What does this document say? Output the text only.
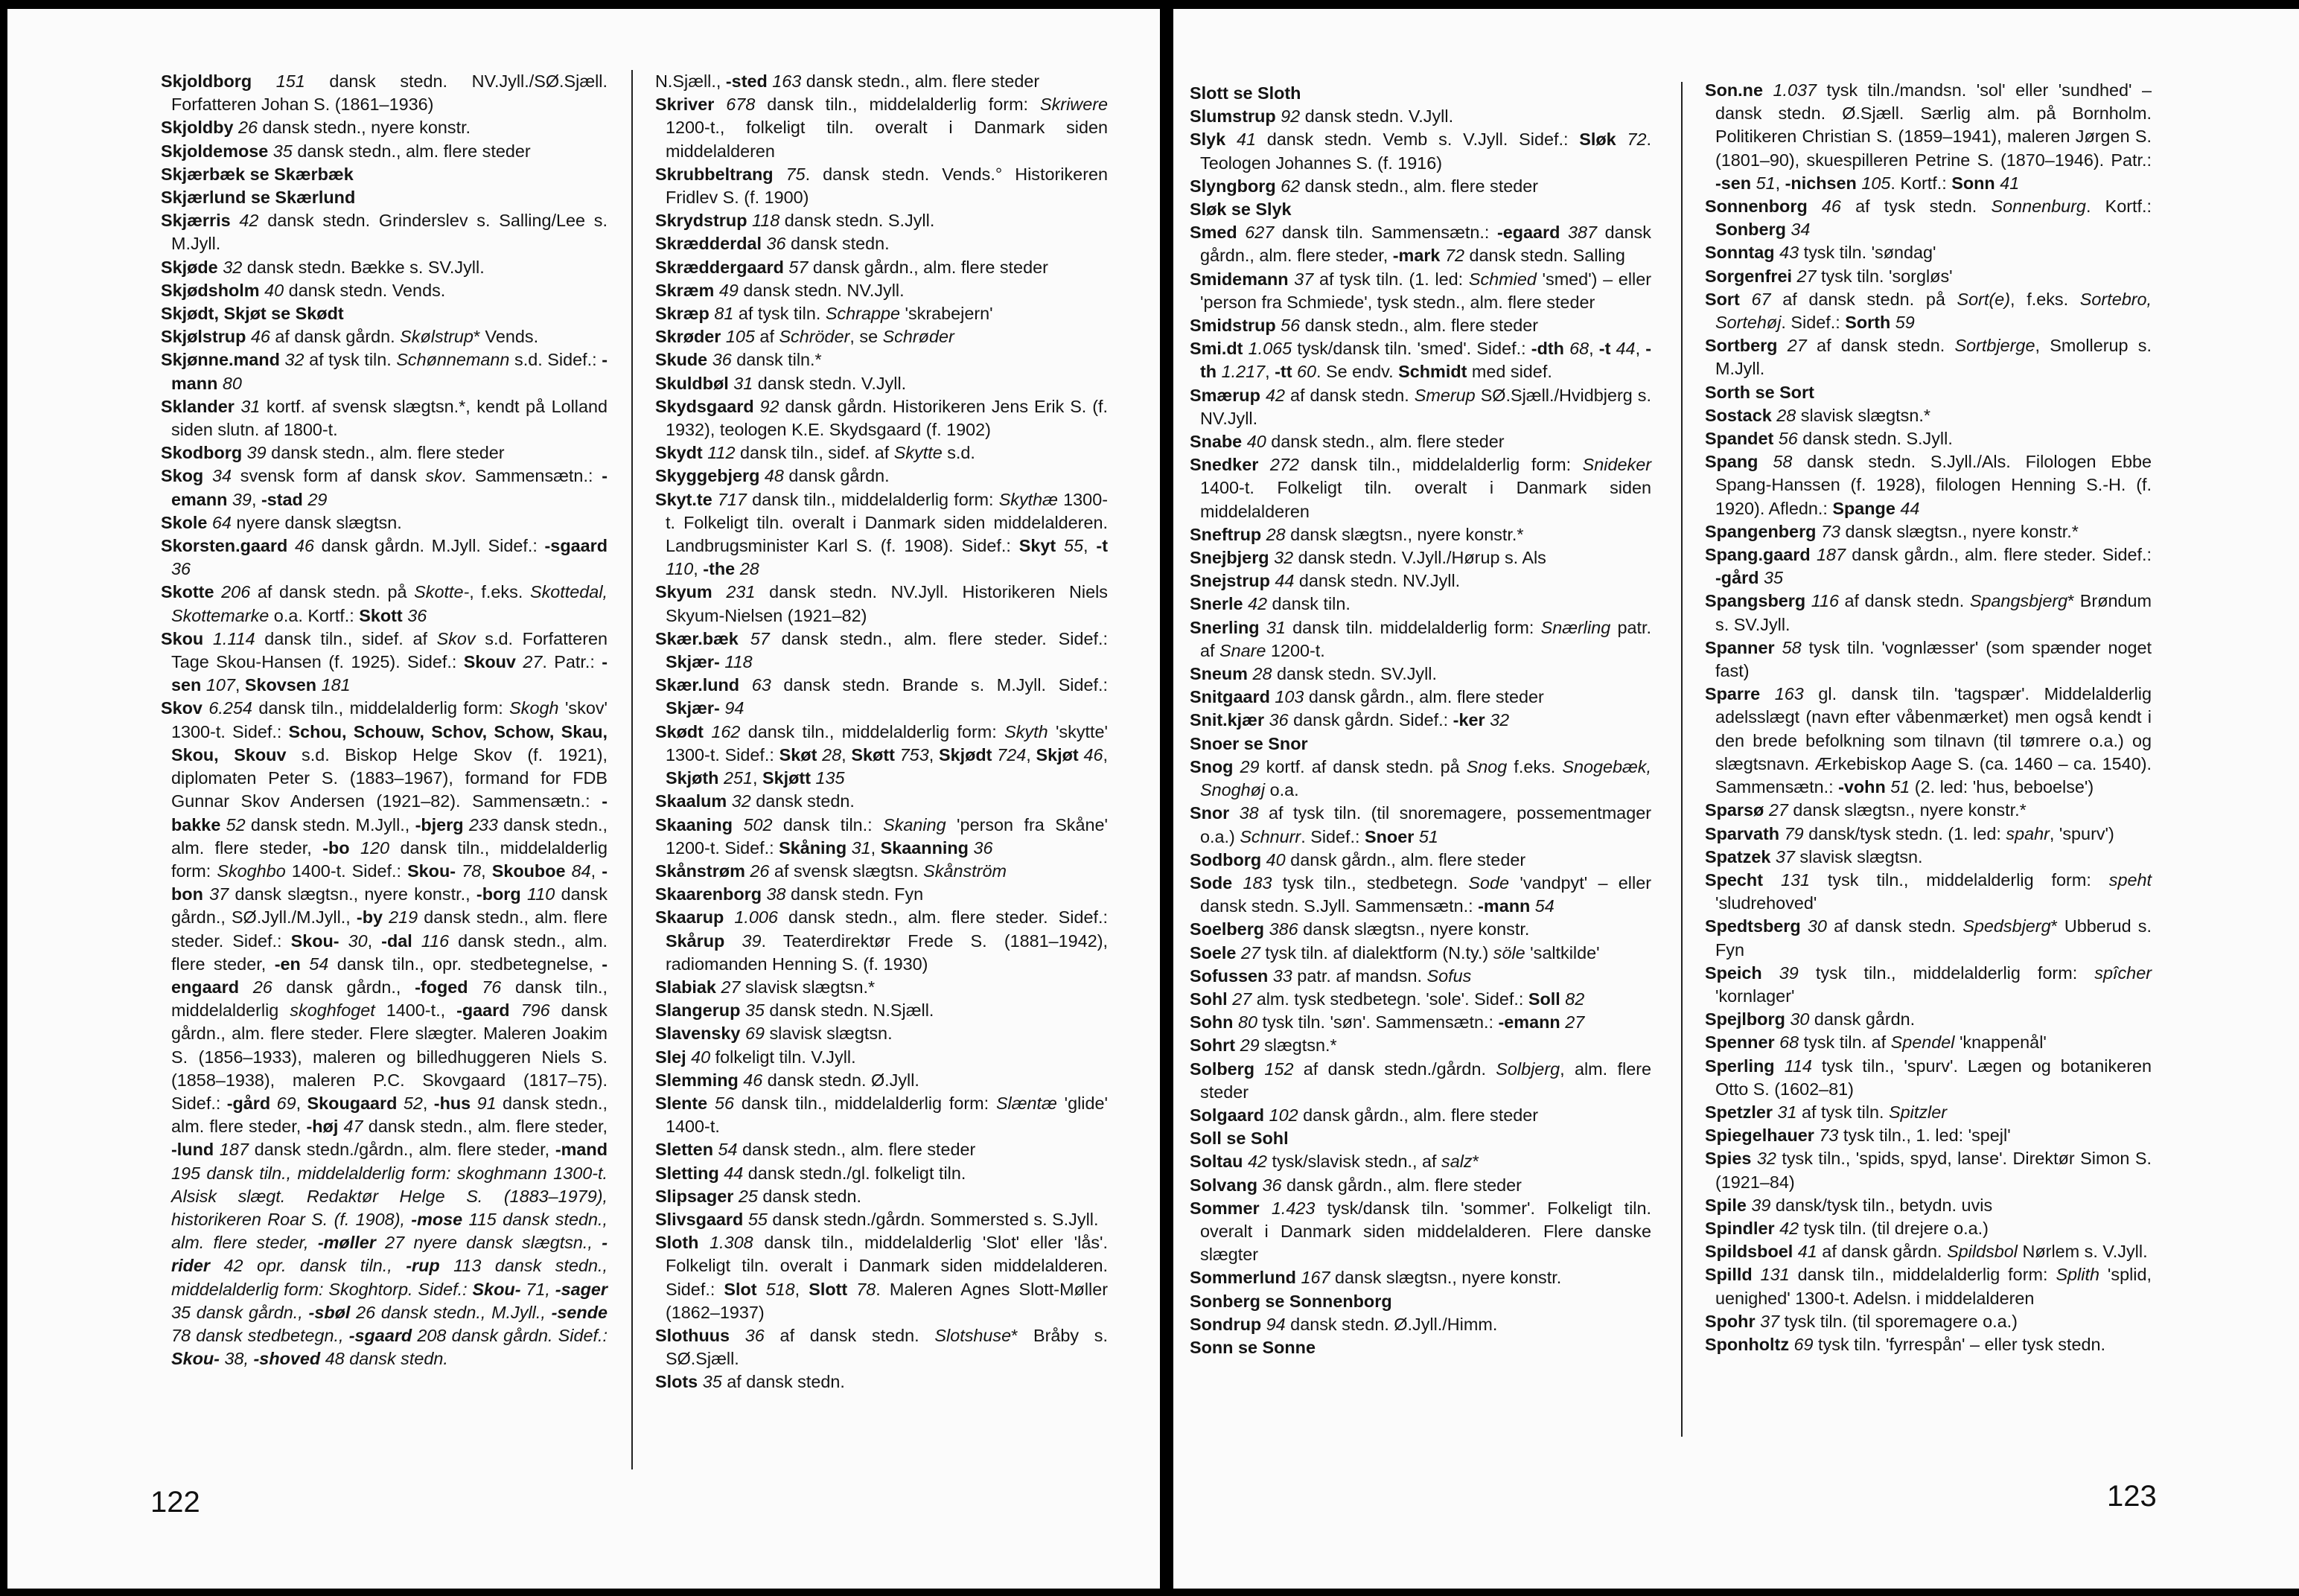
Skjoldborg 151 dansk stedn. NV.Jyll./SØ.Sjæll. Forfatteren Johan S. (1861–1936)

Skjoldby 26 dansk stedn., nyere konstr.

Skjoldemose 35 dansk stedn., alm. flere steder

Skjærbæk se Skærbæk

Skjærlund se Skærlund

Skjærris 42 dansk stedn. Grinderslev s. Salling/Lee s. M.Jyll.

Skjøde 32 dansk stedn. Bække s. SV.Jyll.

Skjødsholm 40 dansk stedn. Vends.

Skjødt, Skjøt se Skødt

Skjølstrup 46 af dansk gårdn. Skølstrup* Vends.

Skjønne.mand 32 af tysk tiln. Schønnemann s.d. Sidef.: -mann 80

Sklander 31 kortf. af svensk slægtsn.*, kendt på Lolland siden slutn. af 1800-t.

Skodborg 39 dansk stedn., alm. flere steder

Skog 34 svensk form af dansk skov. Sammensætn.: -emann 39, -stad 29

Skole 64 nyere dansk slægtsn.

Skorsten.gaard 46 dansk gårdn. M.Jyll. Sidef.: -sgaard 36

Skotte 206 af dansk stedn. på Skotte-, f.eks. Skottedal, Skottemarke o.a. Kortf.: Skott 36

Skou 1.114 dansk tiln., sidef. af Skov s.d. Forfatteren Tage Skou-Hansen (f. 1925). Sidef.: Skouv 27. Patr.: -sen 107, Skovsen 181

Skov 6.254 dansk tiln., middelalderlig form: Skogh 'skov' 1300-t. Sidef.: Schou, Schouw, Schov, Schow, Skau, Skou, Skouv s.d. Biskop Helge Skov (f. 1921), diplomaten Peter S. (1883–1967), formand for FDB Gunnar Skov Andersen (1921–82). Sammensætn.: -bakke 52 dansk stedn. M.Jyll., -bjerg 233 dansk stedn., alm. flere steder, -bo 120 dansk tiln., middelalderlig form: Skoghbo 1400-t. Sidef.: Skou- 78, Skouboe 84, -bon 37 dansk slægtsn., nyere konstr., -borg 110 dansk gårdn., SØ.Jyll./M.Jyll., -by 219 dansk stedn., alm. flere steder. Sidef.: Skou- 30, -dal 116 dansk stedn., alm. flere steder, -en 54 dansk tiln., opr. stedbetegnelse, -engaard 26 dansk gårdn., -foged 76 dansk tiln., middelalderlig skoghfoget 1400-t., -gaard 796 dansk gårdn., alm. flere steder. Flere slægter. Maleren Joakim S. (1856–1933), maleren og billedhuggeren Niels S. (1858–1938), maleren P.C. Skovgaard (1817–75). Sidef.: -gård 69, Skougaard 52, -hus 91 dansk stedn., alm. flere steder, -høj 47 dansk stedn., alm. flere steder, -lund 187 dansk stedn./gårdn., alm. flere steder, -mand 195 dansk tiln., middelalderlig form: skoghmann 1300-t. Alsisk slægt. Redaktør Helge S. (1883–1979), historikeren Roar S. (f. 1908), -mose 115 dansk stedn., alm. flere steder, -møller 27 nyere dansk slægtsn., -rider 42 opr. dansk tiln., -rup 113 dansk stedn., middelalderlig form: Skoghtorp. Sidef.: Skou- 71, -sager 35 dansk gårdn., -sbøl 26 dansk stedn., M.Jyll., -sende 78 dansk stedbetegn., -sgaard 208 dansk gårdn. Sidef.: Skou- 38, -shoved 48 dansk stedn.

N.Sjæll., -sted 163 dansk stedn., alm. flere steder

Skriver 678 dansk tiln., middelalderlig form: Skriwere 1200-t., folkeligt tiln. overalt i Danmark siden middelalderen

Skrubbeltrang 75. dansk stedn. Vends.° Historikeren Fridlev S. (f. 1900)

Skrydstrup 118 dansk stedn. S.Jyll.

Skrædderdal 36 dansk stedn.

Skræddergaard 57 dansk gårdn., alm. flere steder

Skræm 49 dansk stedn. NV.Jyll.

Skræp 81 af tysk tiln. Schrappe 'skrabejern'

Skrøder 105 af Schröder, se Schrøder

Skude 36 dansk tiln.*

Skuldbøl 31 dansk stedn. V.Jyll.

Skydsgaard 92 dansk gårdn. Historikeren Jens Erik S. (f. 1932), teologen K.E. Skydsgaard (f. 1902)

Skydt 112 dansk tiln., sidef. af Skytte s.d.

Skyggebjerg 48 dansk gårdn.

Skyt.te 717 dansk tiln., middelalderlig form: Skythæ 1300-t. Folkeligt tiln. overalt i Danmark siden middelalderen. Landbrugsminister Karl S. (f. 1908). Sidef.: Skyt 55, -t 110, -the 28

Skyum 231 dansk stedn. NV.Jyll. Historikeren Niels Skyum-Nielsen (1921–82)

Skær.bæk 57 dansk stedn., alm. flere steder. Sidef.: Skjær- 118

Skær.lund 63 dansk stedn. Brande s. M.Jyll. Sidef.: Skjær- 94

Skødt 162 dansk tiln., middelalderlig form: Skyth 'skytte' 1300-t. Sidef.: Skøt 28, Skøtt 753, Skjødt 724, Skjøt 46, Skjøth 251, Skjøtt 135

Skaalum 32 dansk stedn.

Skaaning 502 dansk tiln.: Skaning 'person fra Skåne' 1200-t. Sidef.: Skåning 31, Skaanning 36

Skånstrøm 26 af svensk slægtsn. Skånström

Skaarenborg 38 dansk stedn. Fyn

Skaarup 1.006 dansk stedn., alm. flere steder. Sidef.: Skårup 39. Teaterdirektør Frede S. (1881–1942), radiomanden Henning S. (f. 1930)

Slabiak 27 slavisk slægtsn.*

Slangerup 35 dansk stedn. N.Sjæll.

Slavensky 69 slavisk slægtsn.

Slej 40 folkeligt tiln. V.Jyll.

Slemming 46 dansk stedn. Ø.Jyll.

Slente 56 dansk tiln., middelalderlig form: Slæntæ 'glide' 1400-t.

Sletten 54 dansk stedn., alm. flere steder

Sletting 44 dansk stedn./gl. folkeligt tiln.

Slipsager 25 dansk stedn.

Slivsgaard 55 dansk stedn./gårdn. Sommersted s. S.Jyll.

Sloth 1.308 dansk tiln., middelalderlig 'Slot' eller 'lås'. Folkeligt tiln. overalt i Danmark siden middelalderen. Sidef.: Slot 518, Slott 78. Maleren Agnes Slott-Møller (1862–1937)

Slothuus 36 af dansk stedn. Slotshuse* Bråby s. SØ.Sjæll.

Slots 35 af dansk stedn.

122

Slott se Sloth

Slumstrup 92 dansk stedn. V.Jyll.

Slyk 41 dansk stedn. Vemb s. V.Jyll. Sidef.: Sløk 72. Teologen Johannes S. (f. 1916)

Slyngborg 62 dansk stedn., alm. flere steder

Sløk se Slyk

Smed 627 dansk tiln. Sammensætn.: -egaard 387 dansk gårdn., alm. flere steder, -mark 72 dansk stedn. Salling

Smidemann 37 af tysk tiln. (1. led: Schmied 'smed') – eller 'person fra Schmiede', tysk stedn., alm. flere steder

Smidstrup 56 dansk stedn., alm. flere steder

Smi.dt 1.065 tysk/dansk tiln. 'smed'. Sidef.: -dth 68, -t 44, -th 1.217, -tt 60. Se endv. Schmidt med sidef.

Smærup 42 af dansk stedn. Smerup SØ.Sjæll./Hvidbjerg s. NV.Jyll.

Snabe 40 dansk stedn., alm. flere steder

Snedker 272 dansk tiln., middelalderlig form: Snideker 1400-t. Folkeligt tiln. overalt i Danmark siden middelalderen

Sneftrup 28 dansk slægtsn., nyere konstr.*

Snejbjerg 32 dansk stedn. V.Jyll./Hørup s. Als

Snejstrup 44 dansk stedn. NV.Jyll.

Snerle 42 dansk tiln.

Snerling 31 dansk tiln. middelalderlig form: Snærling patr. af Snare 1200-t.

Sneum 28 dansk stedn. SV.Jyll.

Snitgaard 103 dansk gårdn., alm. flere steder

Snit.kjær 36 dansk gårdn. Sidef.: -ker 32

Snoer se Snor

Snog 29 kortf. af dansk stedn. på Snog f.eks. Snogebæk, Snoghøj o.a.

Snor 38 af tysk tiln. (til snoremagere, possementmager o.a.) Schnurr. Sidef.: Snoer 51

Sodborg 40 dansk gårdn., alm. flere steder

Sode 183 tysk tiln., stedbetegn. Sode 'vandpyt' – eller dansk stedn. S.Jyll. Sammensætn.: -mann 54

Soelberg 386 dansk slægtsn., nyere konstr.

Soele 27 tysk tiln. af dialektform (N.ty.) söle 'saltkilde'

Sofussen 33 patr. af mandsn. Sofus

Sohl 27 alm. tysk stedbetegn. 'sole'. Sidef.: Soll 82

Sohn 80 tysk tiln. 'søn'. Sammensætn.: -emann 27

Sohrt 29 slægtsn.*

Solberg 152 af dansk stedn./gårdn. Solbjerg, alm. flere steder

Solgaard 102 dansk gårdn., alm. flere steder

Soll se Sohl

Soltau 42 tysk/slavisk stedn., af salz*

Solvang 36 dansk gårdn., alm. flere steder

Sommer 1.423 tysk/dansk tiln. 'sommer'. Folkeligt tiln. overalt i Danmark siden middelalderen. Flere danske slægter

Sommerlund 167 dansk slægtsn., nyere konstr.

Sonberg se Sonnenborg

Sondrup 94 dansk stedn. Ø.Jyll./Himm.

Sonn se Sonne

Son.ne 1.037 tysk tiln./mandsn. 'sol' eller 'sundhed' – dansk stedn. Ø.Sjæll. Særlig alm. på Bornholm. Politikeren Christian S. (1859–1941), maleren Jørgen S. (1801–90), skuespilleren Petrine S. (1870–1946). Patr.: -sen 51, -nichsen 105. Kortf.: Sonn 41

Sonnenborg 46 af tysk stedn. Sonnenburg. Kortf.: Sonberg 34

Sonntag 43 tysk tiln. 'søndag'

Sorgenfrei 27 tysk tiln. 'sorgløs'

Sort 67 af dansk stedn. på Sort(e), f.eks. Sortebro, Sortehøj. Sidef.: Sorth 59

Sortberg 27 af dansk stedn. Sortbjerge, Smollerup s. M.Jyll.

Sorth se Sort

Sostack 28 slavisk slægtsn.*

Spandet 56 dansk stedn. S.Jyll.

Spang 58 dansk stedn. S.Jyll./Als. Filologen Ebbe Spang-Hanssen (f. 1928), filologen Henning S.-H. (f. 1920). Afledn.: Spange 44

Spangenberg 73 dansk slægtsn., nyere konstr.*

Spang.gaard 187 dansk gårdn., alm. flere steder. Sidef.: -gård 35

Spangsberg 116 af dansk stedn. Spangsbjerg* Brøndum s. SV.Jyll.

Spanner 58 tysk tiln. 'vognlæsser' (som spænder noget fast)

Sparre 163 gl. dansk tiln. 'tagspær'. Middelalderlig adelsslægt (navn efter våbenmærket) men også kendt i den brede befolkning som tilnavn (til tømrere o.a.) og slægtsnavn. Ærkebiskop Aage S. (ca. 1460 – ca. 1540). Sammensætn.: -vohn 51 (2. led: 'hus, beboelse')

Sparsø 27 dansk slægtsn., nyere konstr.*

Sparvath 79 dansk/tysk stedn. (1. led: spahr, 'spurv')

Spatzek 37 slavisk slægtsn.

Specht 131 tysk tiln., middelalderlig form: speht 'sludrehoved'

Spedtsberg 30 af dansk stedn. Spedsbjerg* Ubberud s. Fyn

Speich 39 tysk tiln., middelalderlig form: spîcher 'kornlager'

Spejlborg 30 dansk gårdn.

Spenner 68 tysk tiln. af Spendel 'knappenål'

Sperling 114 tysk tiln., 'spurv'. Lægen og botanikeren Otto S. (1602–81)

Spetzler 31 af tysk tiln. Spitzler

Spiegelhauer 73 tysk tiln., 1. led: 'spejl'

Spies 32 tysk tiln., 'spids, spyd, lanse'. Direktør Simon S. (1921–84)

Spile 39 dansk/tysk tiln., betydn. uvis

Spindler 42 tysk tiln. (til drejere o.a.)

Spildsboel 41 af dansk gårdn. Spildsbol Nørlem s. V.Jyll.

Spilld 131 dansk tiln., middelalderlig form: Splith 'splid, uenighed' 1300-t. Adelsn. i middelalderen

Spohr 37 tysk tiln. (til sporemagere o.a.)

Sponholtz 69 tysk tiln. 'fyrrespån' – eller tysk stedn.

123
